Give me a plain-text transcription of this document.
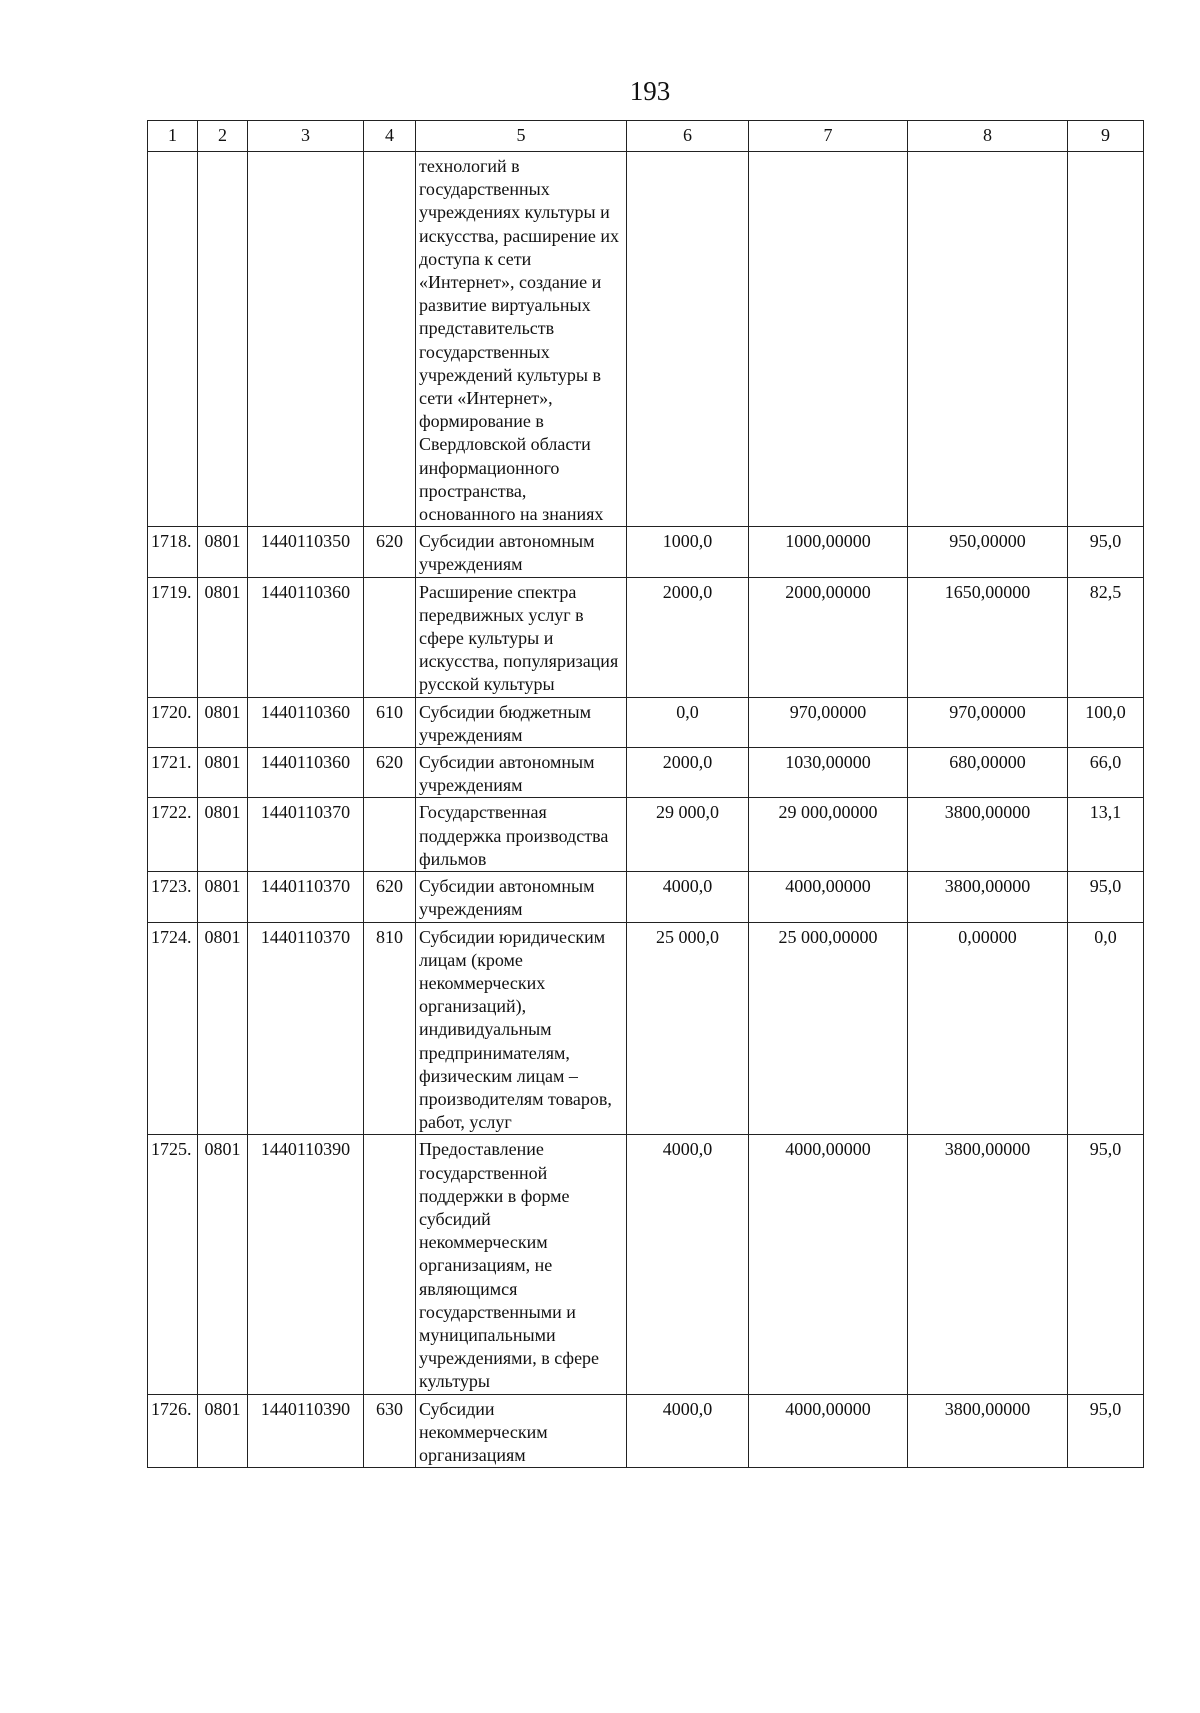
193
1	2	3	4	5	6	7	8	9
				технологий в государственных учреждениях культуры и искусства, расширение их доступа к сети «Интернет», создание и развитие виртуальных представительств государственных учреждений культуры в сети «Интернет», формирование в Свердловской области информационного пространства, основанного на знаниях				
1718.	0801	1440110350	620	Субсидии автономным учреждениям	1000,0	1000,00000	950,00000	95,0
1719.	0801	1440110360		Расширение спектра передвижных услуг в сфере культуры и искусства, популяризация русской культуры	2000,0	2000,00000	1650,00000	82,5
1720.	0801	1440110360	610	Субсидии бюджетным учреждениям	0,0	970,00000	970,00000	100,0
1721.	0801	1440110360	620	Субсидии автономным учреждениям	2000,0	1030,00000	680,00000	66,0
1722.	0801	1440110370		Государственная поддержка производства фильмов	29 000,0	29 000,00000	3800,00000	13,1
1723.	0801	1440110370	620	Субсидии автономным учреждениям	4000,0	4000,00000	3800,00000	95,0
1724.	0801	1440110370	810	Субсидии юридическим лицам (кроме некоммерческих организаций), индивидуальным предпринимателям, физическим лицам – производителям товаров, работ, услуг	25 000,0	25 000,00000	0,00000	0,0
1725.	0801	1440110390		Предоставление государственной поддержки в форме субсидий некоммерческим организациям, не являющимся государственными и муниципальными учреждениями, в сфере культуры	4000,0	4000,00000	3800,00000	95,0
1726.	0801	1440110390	630	Субсидии некоммерческим организациям	4000,0	4000,00000	3800,00000	95,0
